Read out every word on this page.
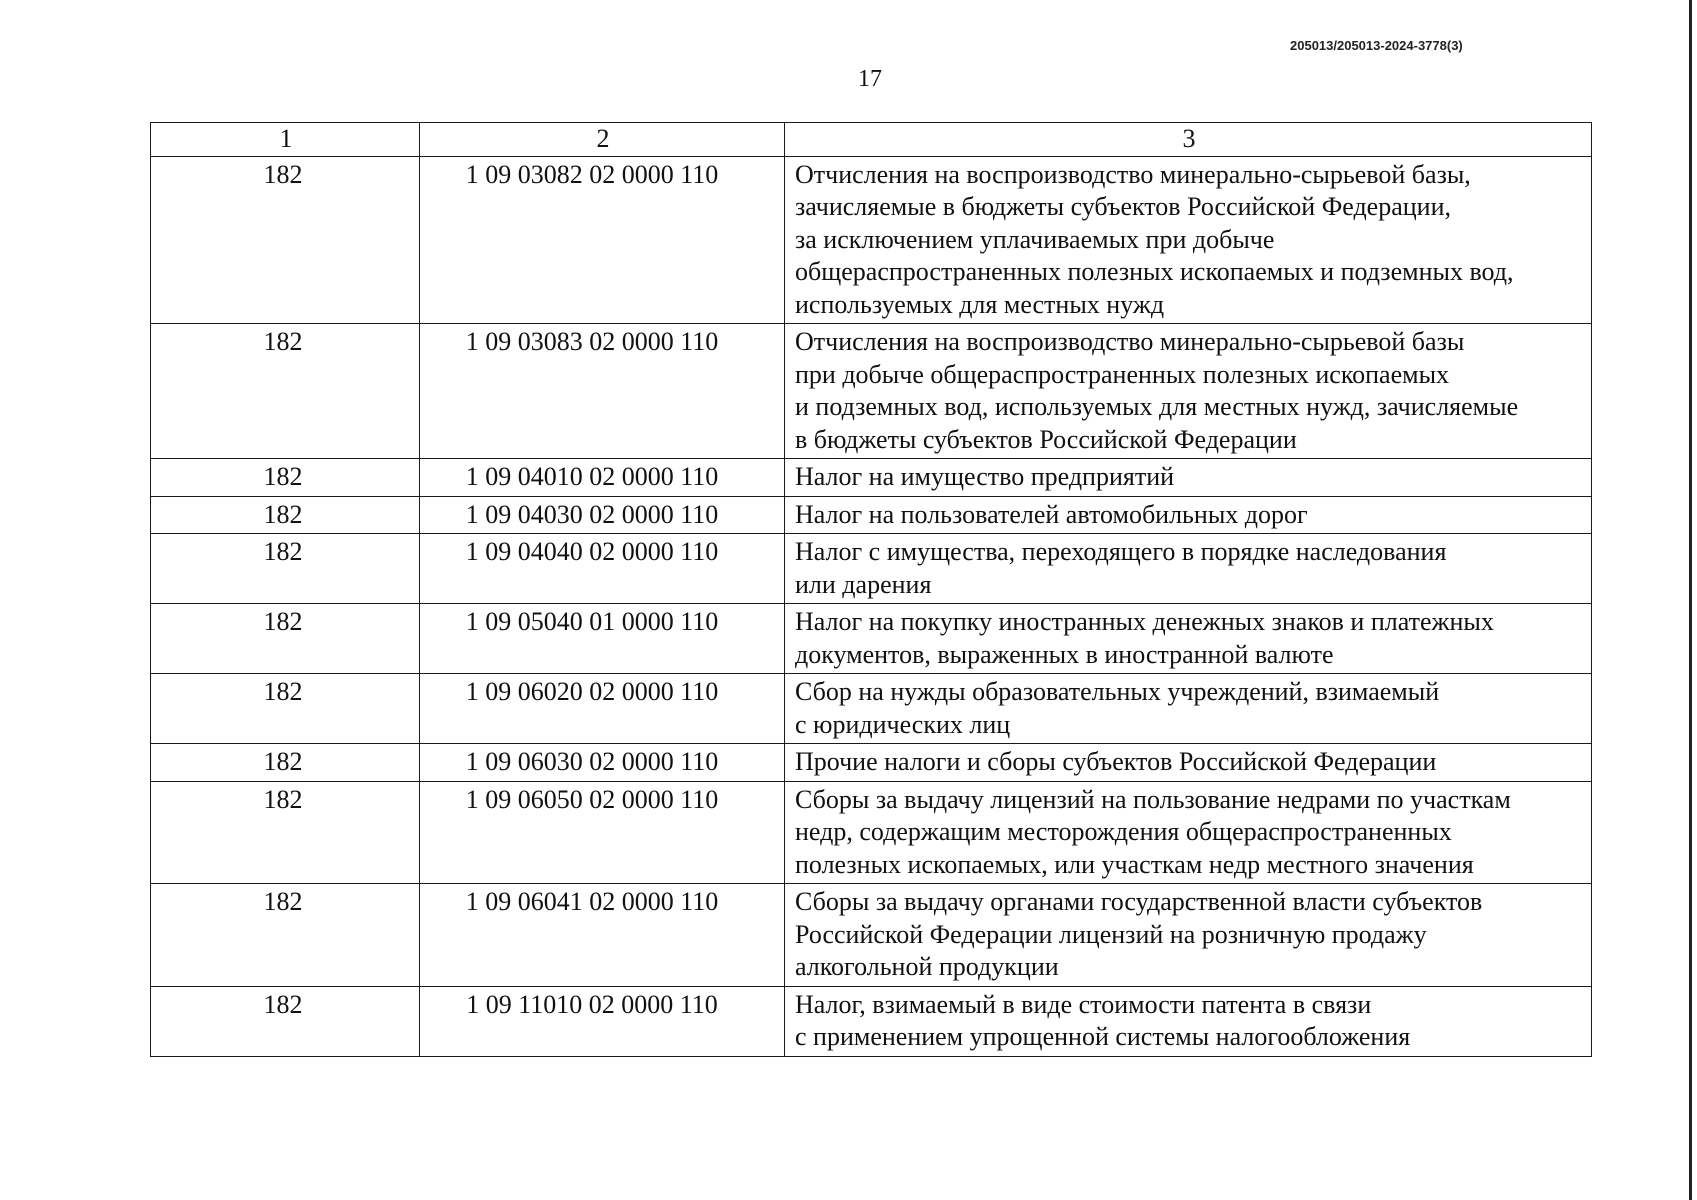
205013/205013-2024-3778(3)
17
1	2	3
182	1 09 03082 02 0000 110	Отчисления на воспроизводство минерально-сырьевой базы,
зачисляемые в бюджеты субъектов Российской Федерации,
за исключением уплачиваемых при добыче
общераспространенных полезных ископаемых и подземных вод,
используемых для местных нужд
182	1 09 03083 02 0000 110	Отчисления на воспроизводство минерально-сырьевой базы
при добыче общераспространенных полезных ископаемых
и подземных вод, используемых для местных нужд, зачисляемые
в бюджеты субъектов Российской Федерации
182	1 09 04010 02 0000 110	Налог на имущество предприятий
182	1 09 04030 02 0000 110	Налог на пользователей автомобильных дорог
182	1 09 04040 02 0000 110	Налог с имущества, переходящего в порядке наследования
или дарения
182	1 09 05040 01 0000 110	Налог на покупку иностранных денежных знаков и платежных
документов, выраженных в иностранной валюте
182	1 09 06020 02 0000 110	Сбор на нужды образовательных учреждений, взимаемый
с юридических лиц
182	1 09 06030 02 0000 110	Прочие налоги и сборы субъектов Российской Федерации
182	1 09 06050 02 0000 110	Сборы за выдачу лицензий на пользование недрами по участкам
недр, содержащим месторождения общераспространенных
полезных ископаемых, или участкам недр местного значения
182	1 09 06041 02 0000 110	Сборы за выдачу органами государственной власти субъектов
Российской Федерации лицензий на розничную продажу
алкогольной продукции
182	1 09 11010 02 0000 110	Налог, взимаемый в виде стоимости патента в связи
с применением упрощенной системы налогообложения
